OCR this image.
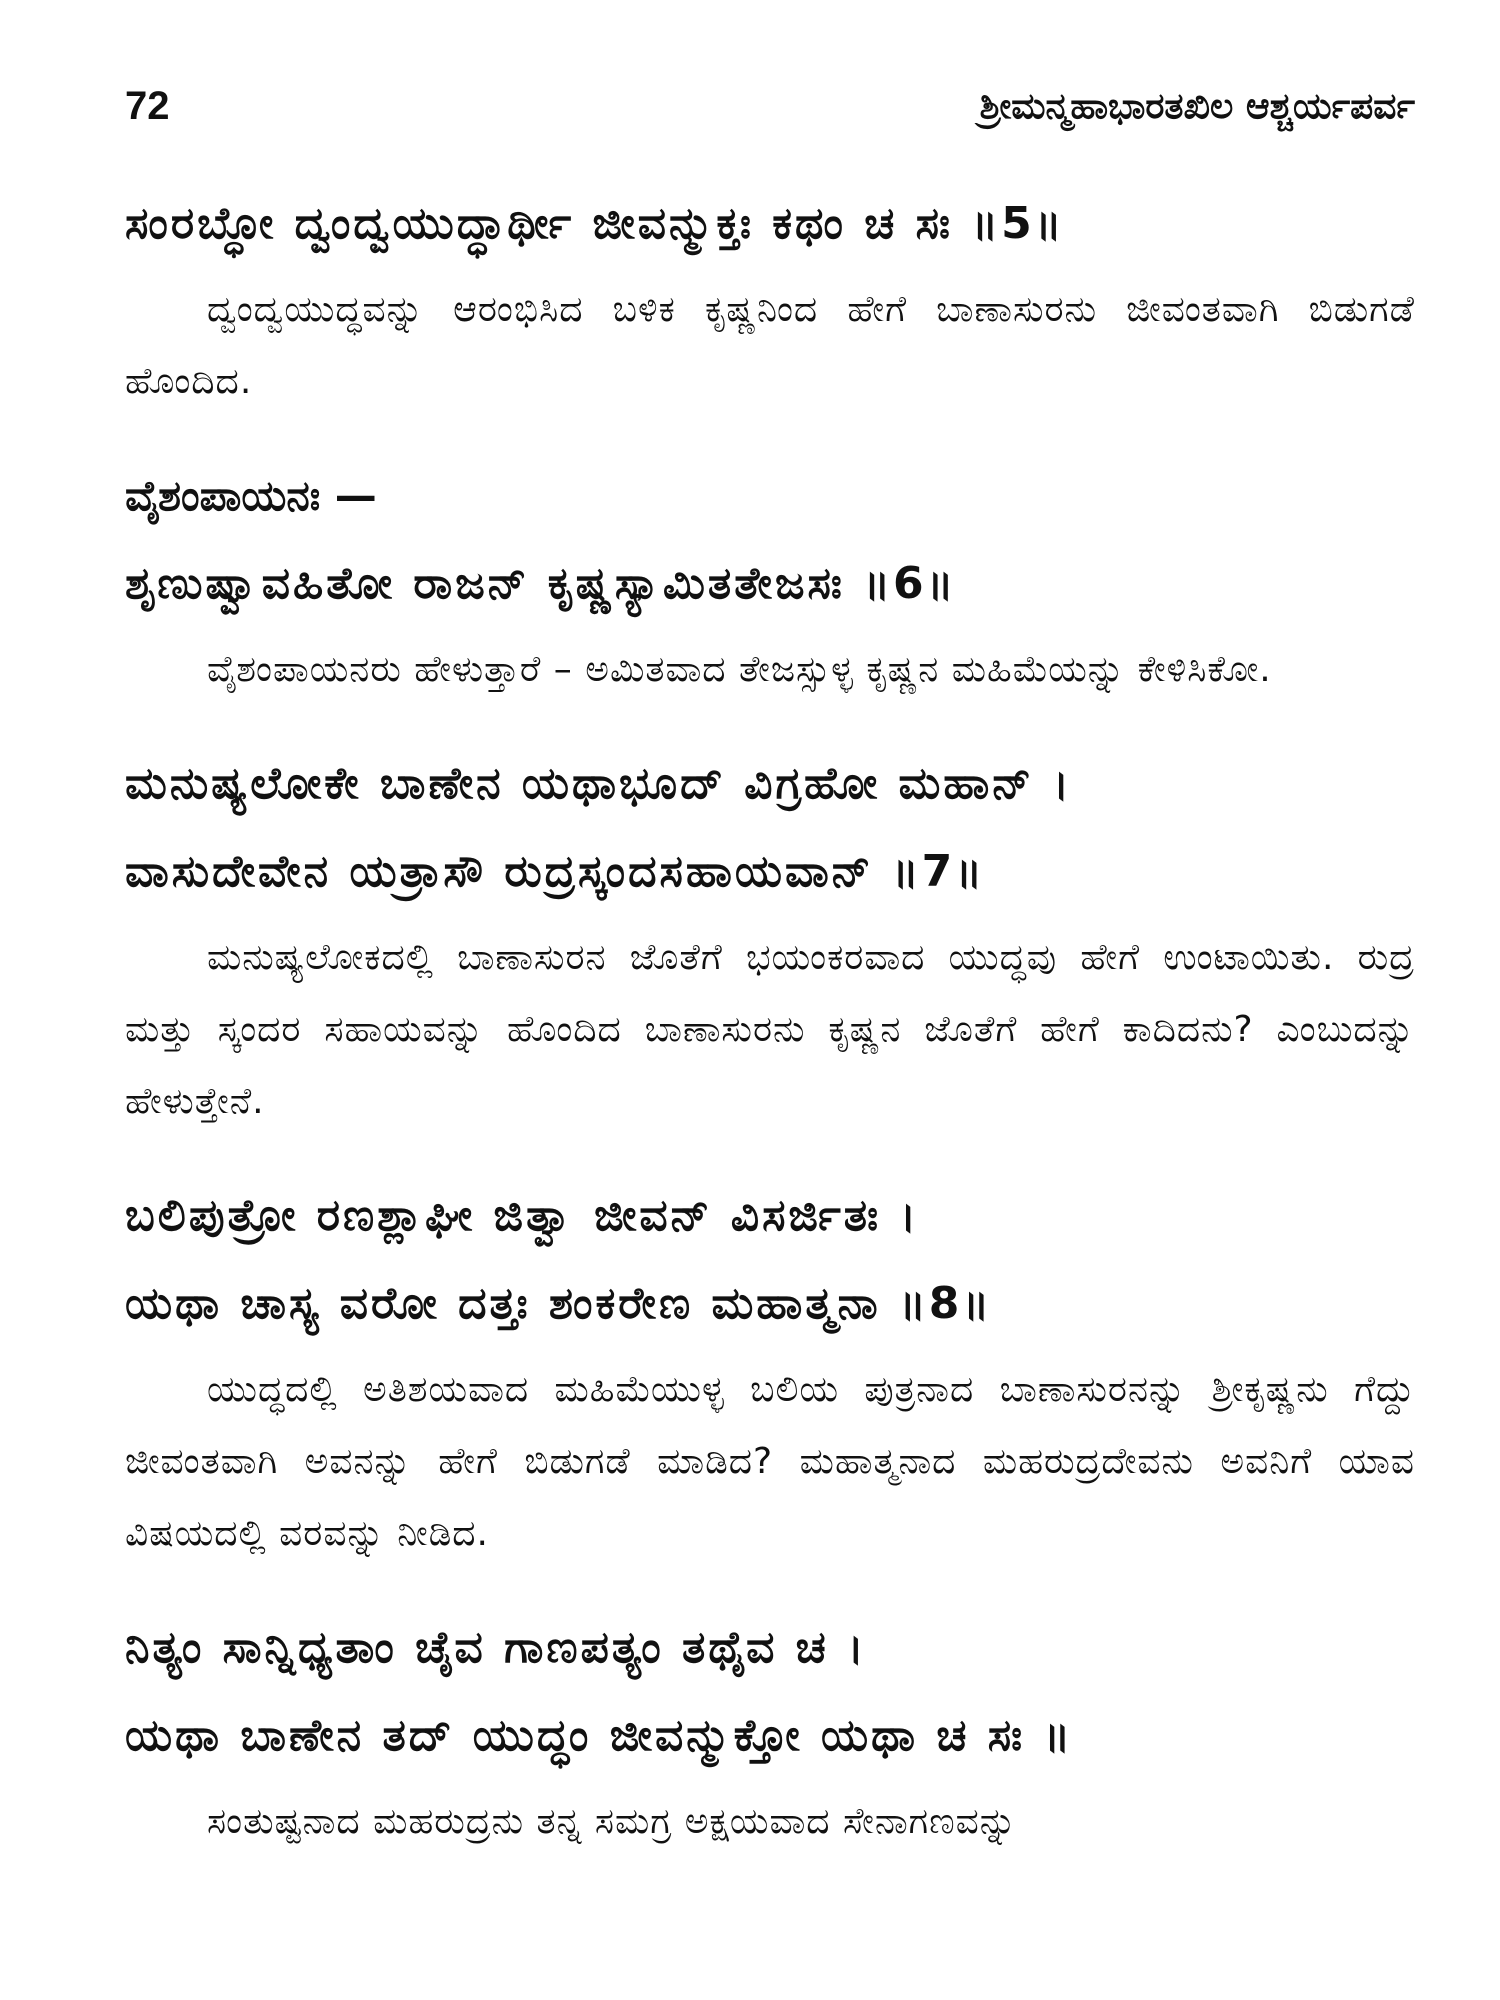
72	ಶ್ರೀಮನ್ಮಹಾಭಾರತಖಿಲ ಆಶ್ಚರ್ಯಪರ್ವ
ಸಂರಬ್ಧೋ ದ್ವಂದ್ವಯುದ್ಧಾರ್ಥೀ ಜೀವನ್ಮುಕ್ತಃ ಕಥಂ ಚ ಸಃ ॥5॥

ದ್ವಂದ್ವಯುದ್ಧವನ್ನು ಆರಂಭಿಸಿದ ಬಳಿಕ ಕೃಷ್ಣನಿಂದ ಹೇಗೆ ಬಾಣಾಸುರನು ಜೀವಂತವಾಗಿ ಬಿಡುಗಡೆ ಹೊಂದಿದ.

ವೈಶಂಪಾಯನಃ —
ಶೃಣುಷ್ವಾವಹಿತೋ ರಾಜನ್ ಕೃಷ್ಣಸ್ಯಾಮಿತತೇಜಸಃ ॥6॥

ವೈಶಂಪಾಯನರು ಹೇಳುತ್ತಾರೆ – ಅಮಿತವಾದ ತೇಜಸ್ಸುಳ್ಳ ಕೃಷ್ಣನ ಮಹಿಮೆಯನ್ನು ಕೇಳಿಸಿಕೋ.

ಮನುಷ್ಯಲೋಕೇ ಬಾಣೇನ ಯಥಾಭೂದ್ ವಿಗ್ರಹೋ ಮಹಾನ್ ।
ವಾಸುದೇವೇನ ಯತ್ರಾಸೌ ರುದ್ರಸ್ಕಂದಸಹಾಯವಾನ್ ॥7॥

ಮನುಷ್ಯಲೋಕದಲ್ಲಿ ಬಾಣಾಸುರನ ಜೊತೆಗೆ ಭಯಂಕರವಾದ ಯುದ್ಧವು ಹೇಗೆ ಉಂಟಾಯಿತು. ರುದ್ರ ಮತ್ತು ಸ್ಕಂದರ ಸಹಾಯವನ್ನು ಹೊಂದಿದ ಬಾಣಾಸುರನು ಕೃಷ್ಣನ ಜೊತೆಗೆ ಹೇಗೆ ಕಾದಿದನು? ಎಂಬುದನ್ನು ಹೇಳುತ್ತೇನೆ.

ಬಲಿಪುತ್ರೋ ರಣಶ್ಲಾಘೀ ಜಿತ್ವಾ ಜೀವನ್ ವಿಸರ್ಜಿತಃ ।
ಯಥಾ ಚಾಸ್ಯ ವರೋ ದತ್ತಃ ಶಂಕರೇಣ ಮಹಾತ್ಮನಾ ॥8॥

ಯುದ್ಧದಲ್ಲಿ ಅತಿಶಯವಾದ ಮಹಿಮೆಯುಳ್ಳ ಬಲಿಯ ಪುತ್ರನಾದ ಬಾಣಾಸುರನನ್ನು ಶ್ರೀಕೃಷ್ಣನು ಗೆದ್ದು ಜೀವಂತವಾಗಿ ಅವನನ್ನು ಹೇಗೆ ಬಿಡುಗಡೆ ಮಾಡಿದ? ಮಹಾತ್ಮನಾದ ಮಹರುದ್ರದೇವನು ಅವನಿಗೆ ಯಾವ ವಿಷಯದಲ್ಲಿ ವರವನ್ನು ನೀಡಿದ.

ನಿತ್ಯಂ ಸಾನ್ನಿಧ್ಯತಾಂ ಚೈವ ಗಾಣಪತ್ಯಂ ತಥೈವ ಚ ।
ಯಥಾ ಬಾಣೇನ ತದ್ ಯುದ್ಧಂ ಜೀವನ್ಮುಕ್ತೋ ಯಥಾ ಚ ಸಃ ॥

ಸಂತುಷ್ಟನಾದ ಮಹರುದ್ರನು ತನ್ನ ಸಮಗ್ರ ಅಕ್ಷಯವಾದ ಸೇನಾಗಣವನ್ನು
